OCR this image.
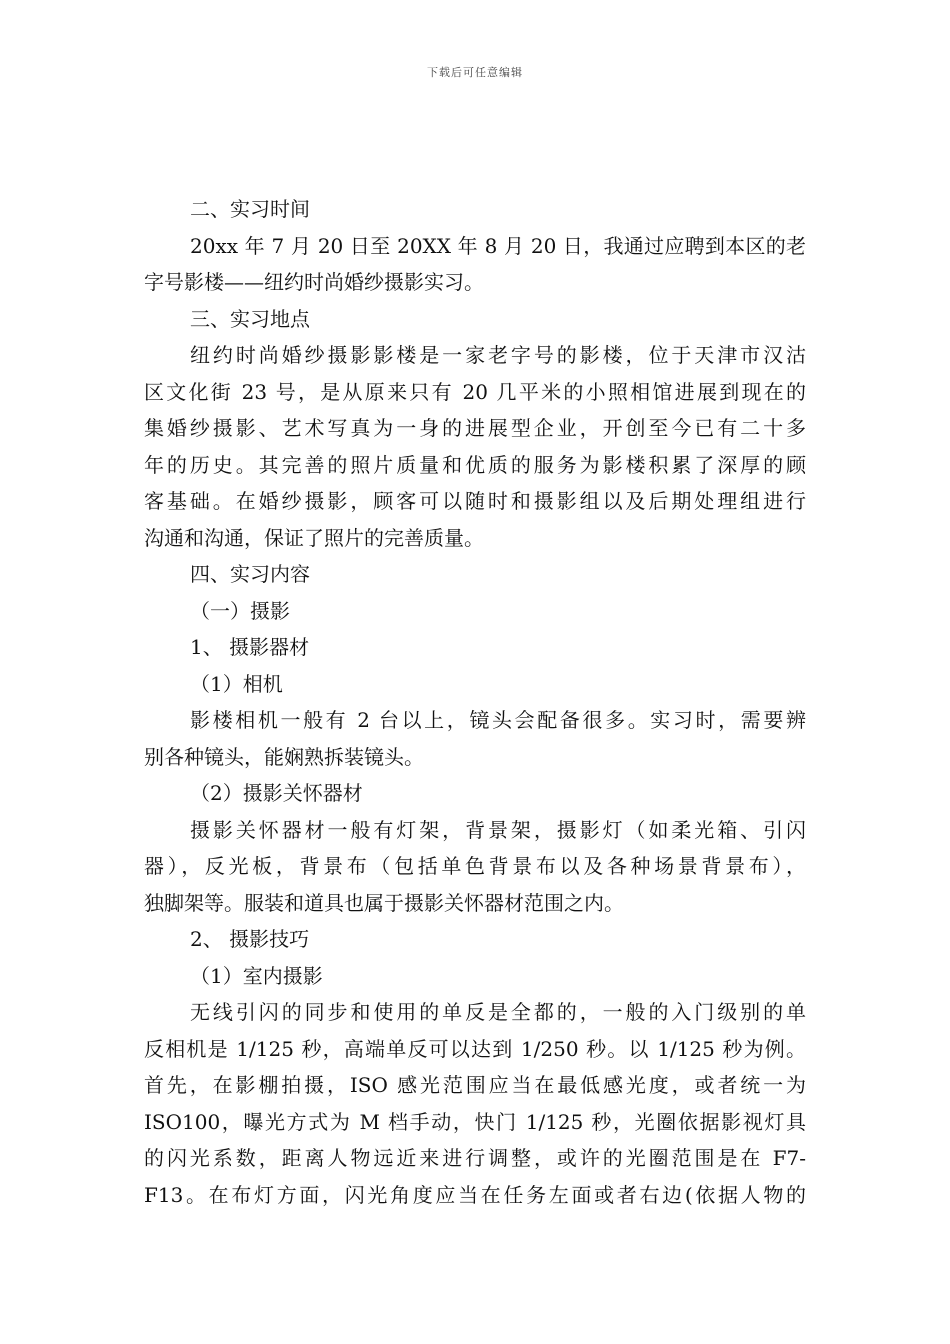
下载后可任意编辑
二、实习时间
20xx 年 7 月 20 日至 20XX 年 8 月 20 日，我通过应聘到本区的老
字号影楼——纽约时尚婚纱摄影实习。
三、实习地点
纽约时尚婚纱摄影影楼是一家老字号的影楼，位于天津市汉沽
区文化街 23 号，是从原来只有 20 几平米的小照相馆进展到现在的
集婚纱摄影、艺术写真为一身的进展型企业，开创至今已有二十多
年的历史。其完善的照片质量和优质的服务为影楼积累了深厚的顾
客基础。在婚纱摄影，顾客可以随时和摄影组以及后期处理组进行
沟通和沟通，保证了照片的完善质量。
四、实习内容
（一）摄影
1、 摄影器材
（1）相机
影楼相机一般有 2 台以上，镜头会配备很多。实习时，需要辨
别各种镜头，能娴熟拆装镜头。
（2）摄影关怀器材
摄影关怀器材一般有灯架，背景架，摄影灯（如柔光箱、引闪
器），反光板，背景布（包括单色背景布以及各种场景背景布），
独脚架等。服装和道具也属于摄影关怀器材范围之内。
2、 摄影技巧
（1）室内摄影
无线引闪的同步和使用的单反是全都的，一般的入门级别的单
反相机是 1/125 秒，高端单反可以达到 1/250 秒。以 1/125 秒为例。
首先，在影棚拍摄，ISO 感光范围应当在最低感光度，或者统一为
ISO100，曝光方式为 M 档手动，快门 1/125 秒，光圈依据影视灯具
的闪光系数，距离人物远近来进行调整，或许的光圈范围是在 F7-
F13。在布灯方面，闪光角度应当在任务左面或者右边(依据人物的
